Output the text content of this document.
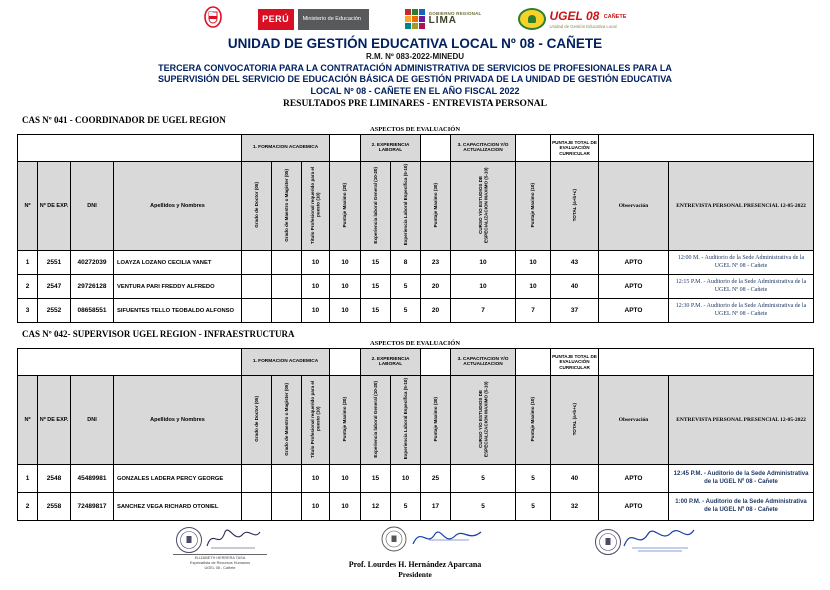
PERÚ	Ministerio de Educación
GOBIERNO REGIONAL
LIMA	UGEL 08 CAÑETE
Unidad de Gestión Educativa Local
UNIDAD DE GESTIÓN EDUCATIVA LOCAL Nº 08 - CAÑETE
R.M. Nº 083-2022-MINEDU
TERCERA CONVOCATORIA PARA LA CONTRATACIÓN ADMINISTRATIVA DE SERVICIOS DE PROFESIONALES PARA LA SUPERVISIÓN DEL SERVICIO DE EDUCACIÓN BÁSICA DE GESTIÓN PRIVADA DE LA UNIDAD DE GESTIÓN EDUCATIVA LOCAL Nº 08 - CAÑETE EN EL AÑO FISCAL 2022
RESULTADOS PRE LIMINARES - ENTREVISTA PERSONAL
CAS Nº 041 - COORDINADOR DE UGEL REGION
ASPECTOS DE EVALUACIÓN
				1. FORMACION ACADEMICA				2. EXPERIENCIA LABORAL			3. CAPACITACION Y/O ACTUALIZACION		PUNTAJE TOTAL DE EVALUACIÓN CURRICULAR		
Nº	Nº DE EXP.	DNI	Apellidos y Nombres	Grado de Doctor (05)	Grado de Maestro o Magister (05)	Titulo Profesional requerido para el puesto (10)	Puntaje Maximo (20)	Experiencia laboral General (10-20)	Experiencia Laboral Específica (5-10)	Puntaje Maximo (30)	CURSO Y/O ESTUDIOS DE ESPECIALIZACION MAXIMO (5-10)	Puntaje Maximo (10)	TOTAL (a+b+c)	Observación	ENTREVISTA PERSONAL PRESENCIAL 12-05-2022
1	2551	40272039	LOAYZA LOZANO CECILIA YANET			10	10	15	8	23	10	10	43	APTO	12:00 M. - Auditorio de la Sede Administrativa de la UGEL Nº 08 - Cañete
2	2547	29726128	VENTURA PARI FREDDY ALFREDO			10	10	15	5	20	10	10	40	APTO	12:15 P.M. - Auditorio de la Sede Administrativa de la UGEL Nº 08 - Cañete
3	2552	08658551	SIFUENTES TELLO TEOBALDO ALFONSO			10	10	15	5	20	7	7	37	APTO	12:30 P.M. - Auditorio de la Sede Administrativa de la UGEL Nº 08 - Cañete
CAS Nº 042- SUPERVISOR UGEL REGION - INFRAESTRUCTURA
ASPECTOS DE EVALUACIÓN
				1. FORMACION ACADEMICA				2. EXPERIENCIA LABORAL			3. CAPACITACION Y/O ACTUALIZACION		PUNTAJE TOTAL DE EVALUACIÓN CURRICULAR		
Nº	Nº DE EXP.	DNI	Apellidos y Nombres	Grado de Doctor (05)	Grado de Maestro o Magister (05)	Titulo Profesional requerido para el puesto (10)	Puntaje Maximo (20)	Experiencia laboral General (10-20)	Experiencia Laboral Específica (5-10)	Puntaje Maximo (30)	CURSO Y/O ESTUDIOS DE ESPECIALIZACION MAXIMO (5-10)	Puntaje Maximo (10)	TOTAL (a+b+c)	Observación	ENTREVISTA PERSONAL PRESENCIAL 12-05-2022
1	2548	45489981	GONZALES LADERA PERCY GEORGE			10	10	15	10	25	5	5	40	APTO	12:45 P.M. - Auditorio de la Sede Administrativa de la UGEL Nº 08 - Cañete
2	2558	72489817	SANCHEZ VEGA RICHARD OTONIEL			10	10	12	5	17	5	5	32	APTO	1:00 P.M. - Auditorio de la Sede Administrativa de la UGEL Nº 08 - Cañete
ELIZABETH HERRERA TASA
Especialista de Recursos Humanos
UGEL 08 - Cañete	Prof. Lourdes H. Hernández Aparcana
Presidente
